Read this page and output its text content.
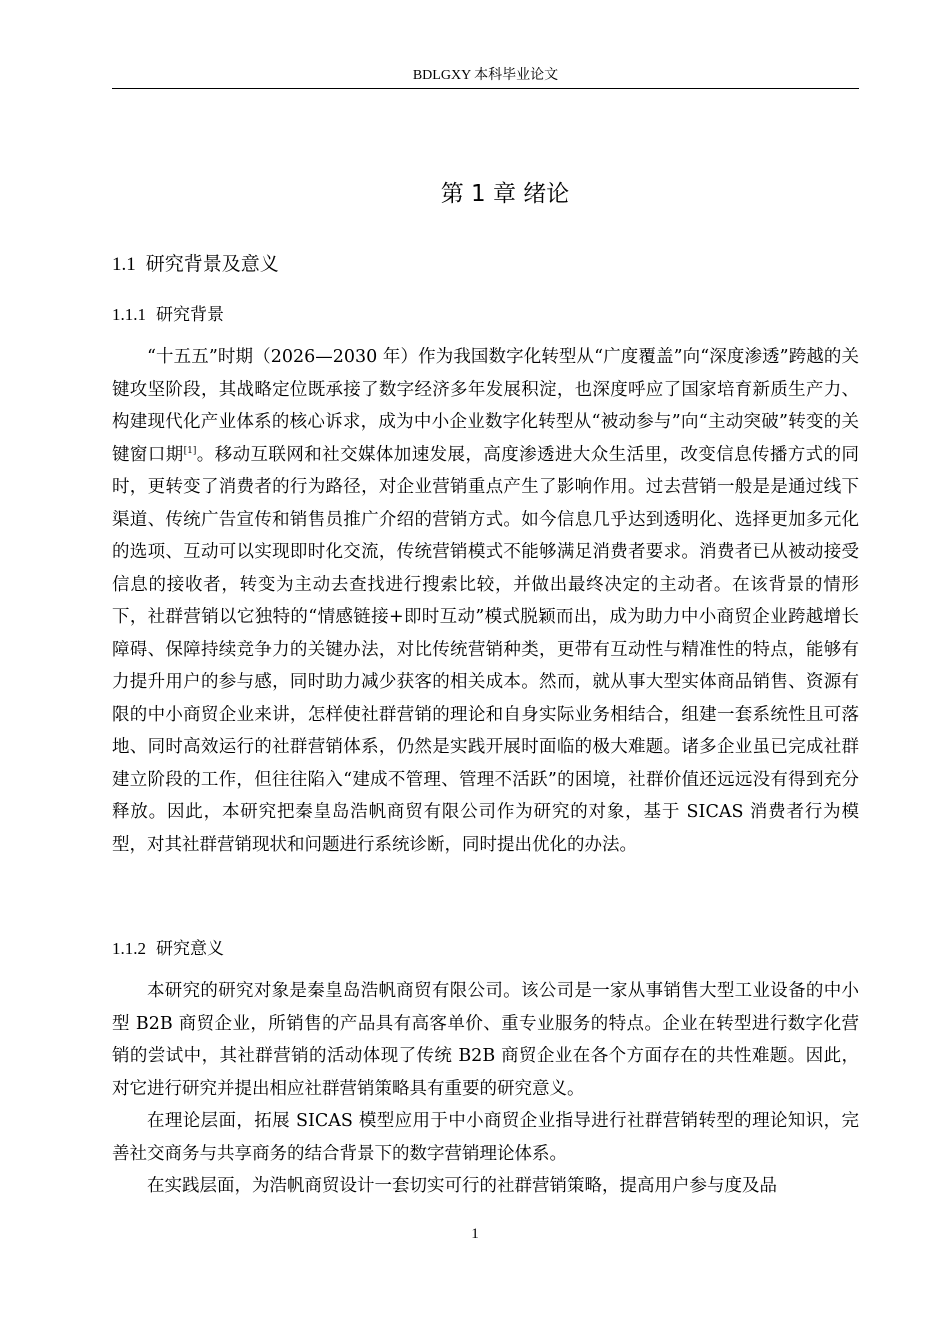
BDLGXY 本科毕业论文
第 1 章 绪论
1.1 研究背景及意义
1.1.1 研究背景

“十五五”时期（2026—2030 年）作为我国数字化转型从“广度覆盖”向“深度渗透”跨越的关键攻坚阶段，其战略定位既承接了数字经济多年发展积淀，也深度呼应了国家培育新质生产力、构建现代化产业体系的核心诉求，成为中小企业数字化转型从“被动参与”向“主动突破”转变的关键窗口期[1]。移动互联网和社交媒体加速发展，高度渗透进大众生活里，改变信息传播方式的同时，更转变了消费者的行为路径，对企业营销重点产生了影响作用。过去营销一般是是通过线下渠道、传统广告宣传和销售员推广介绍的营销方式。如今信息几乎达到透明化、选择更加多元化的选项、互动可以实现即时化交流，传统营销模式不能够满足消费者要求。消费者已从被动接受信息的接收者，转变为主动去查找进行搜索比较，并做出最终决定的主动者。在该背景的情形下，社群营销以它独特的“情感链接+即时互动”模式脱颖而出，成为助力中小商贸企业跨越增长障碍、保障持续竞争力的关键办法，对比传统营销种类，更带有互动性与精准性的特点，能够有力提升用户的参与感，同时助力减少获客的相关成本。然而，就从事大型实体商品销售、资源有限的中小商贸企业来讲，怎样使社群营销的理论和自身实际业务相结合，组建一套系统性且可落地、同时高效运行的社群营销体系，仍然是实践开展时面临的极大难题。诸多企业虽已完成社群建立阶段的工作，但往往陷入“建成不管理、管理不活跃”的困境，社群价值还远远没有得到充分释放。因此，本研究把秦皇岛浩帆商贸有限公司作为研究的对象，基于 SICAS 消费者行为模型，对其社群营销现状和问题进行系统诊断，同时提出优化的办法。

1.1.2 研究意义

本研究的研究对象是秦皇岛浩帆商贸有限公司。该公司是一家从事销售大型工业设备的中小型 B2B 商贸企业，所销售的产品具有高客单价、重专业服务的特点。企业在转型进行数字化营销的尝试中，其社群营销的活动体现了传统 B2B 商贸企业在各个方面存在的共性难题。因此，对它进行研究并提出相应社群营销策略具有重要的研究意义。

在理论层面，拓展 SICAS 模型应用于中小商贸企业指导进行社群营销转型的理论知识，完善社交商务与共享商务的结合背景下的数字营销理论体系。

在实践层面，为浩帆商贸设计一套切实可行的社群营销策略，提高用户参与度及品

1
